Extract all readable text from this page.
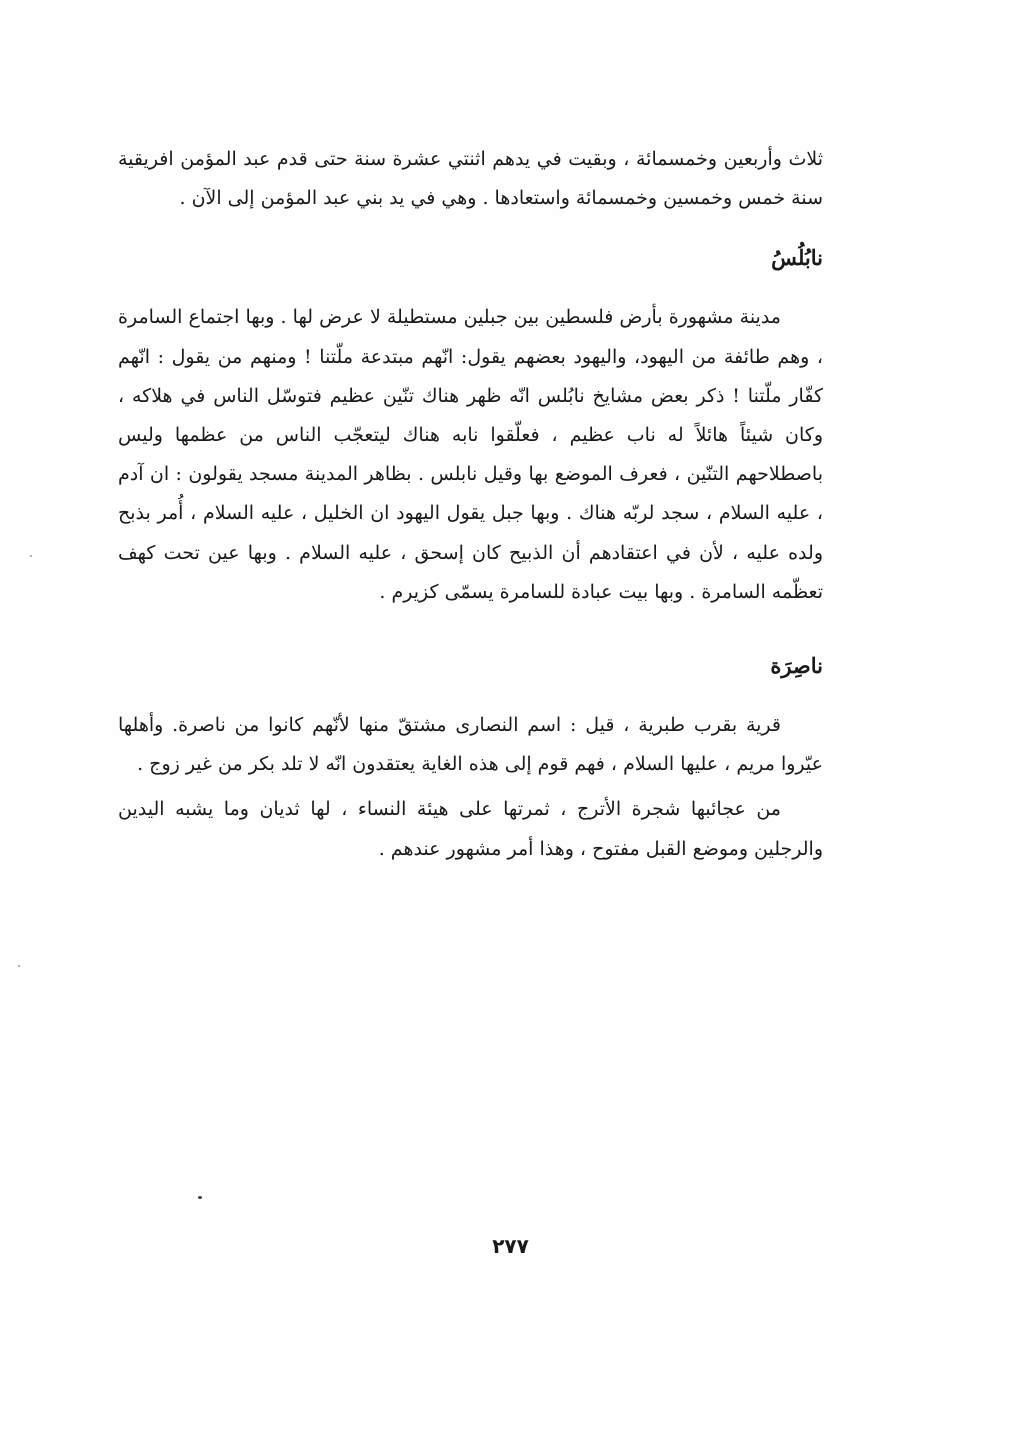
ثلاث وأربعين وخمسمائة ، وبقيت في يدهم اثنتي عشرة سنة حتى قدم عبد المؤمن افريقية سنة خمس وخمسين وخمسمائة واستعادها . وهي في يد بني عبد المؤمن إلى الآن .

نابُلُسُ

مدينة مشهورة بأرض فلسطين بين جبلين مستطيلة لا عرض لها . وبها اجتماع السامرة ، وهم طائفة من اليهود، واليهود بعضهم يقول: انّهم مبتدعة ملّتنا ! ومنهم من يقول : انّهم كفّار ملّتنا ! ذكر بعض مشايخ نابُلس انّه ظهر هناك تنّين عظيم فتوسّل الناس في هلاكه ، وكان شيئاً هائلاً له ناب عظيم ، فعلّقوا نابه هناك ليتعجّب الناس من عظمها وليس باصطلاحهم التنّين ، فعرف الموضع بها وقيل نابلس . بظاهر المدينة مسجد يقولون : ان آدم ، عليه السلام ، سجد لربّه هناك . وبها جبل يقول اليهود ان الخليل ، عليه السلام ، أُمر بذبح ولده عليه ، لأن في اعتقادهم أن الذبيح كان إسحق ، عليه السلام . وبها عين تحت كهف تعظّمه السامرة . وبها بيت عبادة للسامرة يسمّى كزيرم .

ناصِرَة

قرية بقرب طبرية ، قيل : اسم النصارى مشتقّ منها لأنّهم كانوا من ناصرة. وأهلها عيّروا مريم ، عليها السلام ، فهم قوم إلى هذه الغاية يعتقدون انّه لا تلد بكر من غير زوج .

من عجائبها شجرة الأترج ، ثمرتها على هيئة النساء ، لها ثديان وما يشبه اليدين والرجلين وموضع القبل مفتوح ، وهذا أمر مشهور عندهم .

٢٧٧
